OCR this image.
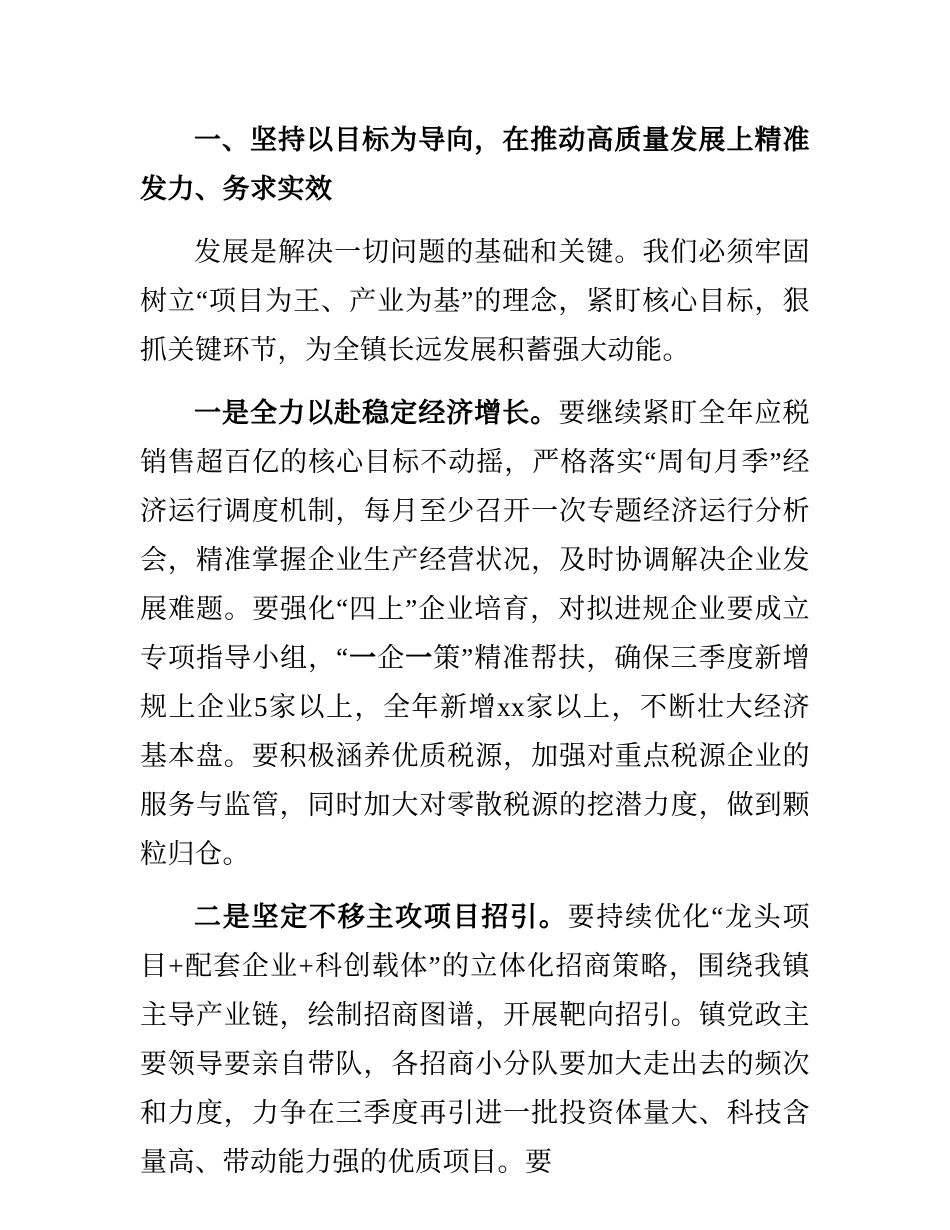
一、坚持以目标为导向，在推动高质量发展上精准发力、务求实效

发展是解决一切问题的基础和关键。我们必须牢固树立“项目为王、产业为基”的理念，紧盯核心目标，狠抓关键环节，为全镇长远发展积蓄强大动能。

一是全力以赴稳定经济增长。要继续紧盯全年应税销售超百亿的核心目标不动摇，严格落实“周旬月季”经济运行调度机制，每月至少召开一次专题经济运行分析会，精准掌握企业生产经营状况，及时协调解决企业发展难题。要强化“四上”企业培育，对拟进规企业要成立专项指导小组，“一企一策”精准帮扶，确保三季度新增规上企业5家以上，全年新增xx家以上，不断壮大经济基本盘。要积极涵养优质税源，加强对重点税源企业的服务与监管，同时加大对零散税源的挖潜力度，做到颗粒归仓。

二是坚定不移主攻项目招引。要持续优化“龙头项目+配套企业+科创载体”的立体化招商策略，围绕我镇主导产业链，绘制招商图谱，开展靶向招引。镇党政主要领导要亲自带队，各招商小分队要加大走出去的频次和力度，力争在三季度再引进一批投资体量大、科技含量高、带动能力强的优质项目。要
